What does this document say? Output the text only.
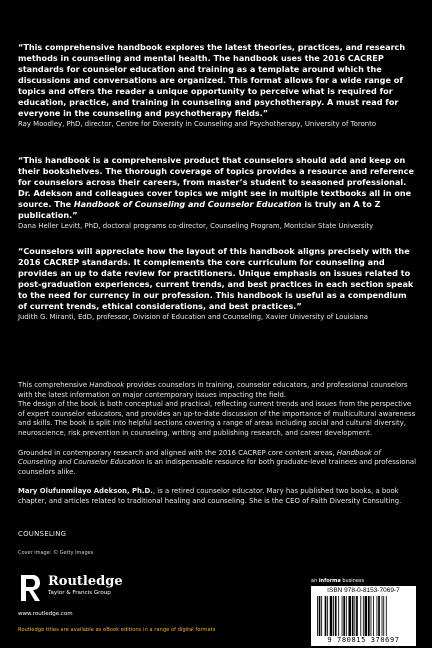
“This comprehensive handbook explores the latest theories, practices, and research methods in counseling and mental health. The handbook uses the 2016 CACREP standards for counselor education and training as a template around which the discussions and conversations are organized. This format allows for a wide range of topics and offers the reader a unique opportunity to perceive what is required for education, practice, and training in counseling and psychotherapy. A must read for everyone in the counseling and psychotherapy fields.”
Ray Moodley, PhD, director, Centre for Diversity in Counseling and Psychotherapy, University of Toronto
“This handbook is a comprehensive product that counselors should add and keep on their bookshelves. The thorough coverage of topics provides a resource and reference for counselors across their careers, from master’s student to seasoned professional. Dr. Adekson and colleagues cover topics we might see in multiple textbooks all in one source. The Handbook of Counseling and Counselor Education is truly an A to Z publication.”
Dana Heller Levitt, PhD, doctoral programs co-director, Counseling Program, Montclair State University
“Counselors will appreciate how the layout of this handbook aligns precisely with the 2016 CACREP standards. It complements the core curriculum for counseling and provides an up to date review for practitioners. Unique emphasis on issues related to post-graduation experiences, current trends, and best practices in each section speak to the need for currency in our profession. This handbook is useful as a compendium of current trends, ethical considerations, and best practices.”
Judith G. Miranti, EdD, professor, Division of Education and Counseling, Xavier University of Louisiana

This comprehensive Handbook provides counselors in training, counselor educators, and professional counselors with the latest information on major contemporary issues impacting the field.

The design of the book is both conceptual and practical, reflecting current trends and issues from the perspective of expert counselor educators, and provides an up-to-date discussion of the importance of multicultural awareness and skills. The book is split into helpful sections covering a range of areas including social and cultural diversity, neuroscience, risk prevention in counseling, writing and publishing research, and career development.

Grounded in contemporary research and aligned with the 2016 CACREP core content areas, Handbook of Counseling and Counselor Education is an indispensable resource for both graduate-level trainees and professional counselors alike.

Mary Olufunmilayo Adekson, Ph.D., is a retired counselor educator. Mary has published two books, a book chapter, and articles related to traditional healing and counseling. She is the CEO of Faith Diversity Consulting.

COUNSELING
Cover image: © Getty Images
Routledge
Taylor & Francis Group
www.routledge.com
an informa business
ISBN 978-0-8153-7069-7
9 780815 370697
Routledge titles are available as eBook editions in a range of digital formats
